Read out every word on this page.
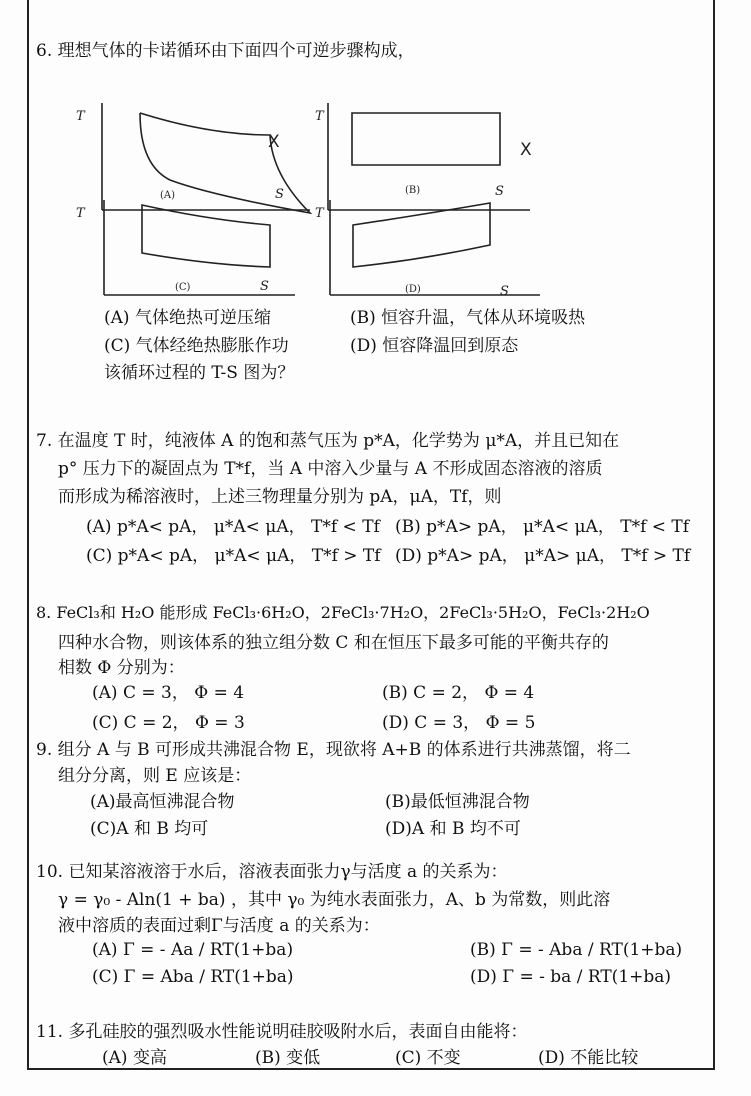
6. 理想气体的卡诺循环由下面四个可逆步骤构成，
T
(A)	S
T
(B)	S
T
(C)	S
T
(D)	S
X	X
(A) 气体绝热可逆压缩	(B) 恒容升温，气体从环境吸热
(C) 气体经绝热膨胀作功	(D) 恒容降温回到原态
该循环过程的 T-S 图为？
7. 在温度 T 时，纯液体 A 的饱和蒸气压为 p*A，化学势为 μ*A，并且已知在
p° 压力下的凝固点为 T*f，当 A 中溶入少量与 A 不形成固态溶液的溶质
而形成为稀溶液时，上述三物理量分别为 pA，μA，Tf，则
(A) p*A< pA， μ*A< μA， T*f < Tf (B) p*A> pA， μ*A< μA， T*f < Tf
(C) p*A< pA， μ*A< μA， T*f > Tf (D) p*A> pA， μ*A> μA， T*f > Tf
8. FeCl₃和 H₂O 能形成 FeCl₃·6H₂O，2FeCl₃·7H₂O，2FeCl₃·5H₂O，FeCl₃·2H₂O
四种水合物，则该体系的独立组分数 C 和在恒压下最多可能的平衡共存的
相数 Φ 分别为：
(A) C = 3， Φ = 4	(B) C = 2， Φ = 4
(C) C = 2， Φ = 3	(D) C = 3， Φ = 5
9. 组分 A 与 B 可形成共沸混合物 E，现欲将 A+B 的体系进行共沸蒸馏，将二
组分分离，则 E 应该是：
(A)最高恒沸混合物	(B)最低恒沸混合物
(C)A 和 B 均可	(D)A 和 B 均不可
10. 已知某溶液溶于水后，溶液表面张力γ与活度 a 的关系为：
γ = γ₀ - Aln(1 + ba) ，其中 γ₀ 为纯水表面张力，A、b 为常数，则此溶
液中溶质的表面过剩Γ与活度 a 的关系为：
(A) Γ = - Aa / RT(1+ba)	(B) Γ = - Aba / RT(1+ba)
(C) Γ = Aba / RT(1+ba)	(D) Γ = - ba / RT(1+ba)
11. 多孔硅胶的强烈吸水性能说明硅胶吸附水后，表面自由能将：
(A) 变高	(B) 变低	(C) 不变	(D) 不能比较
